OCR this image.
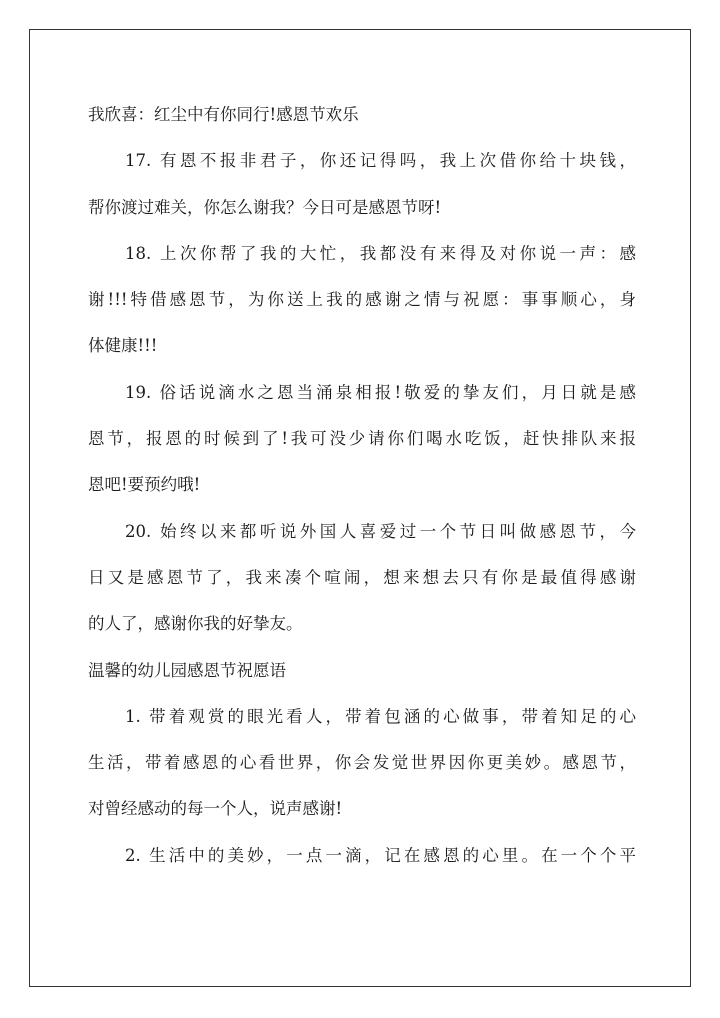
我欣喜：红尘中有你同行!感恩节欢乐
17. 有恩不报非君子，你还记得吗，我上次借你给十块钱，
帮你渡过难关，你怎么谢我？今日可是感恩节呀!
18. 上次你帮了我的大忙，我都没有来得及对你说一声：感
谢!!!特借感恩节，为你送上我的感谢之情与祝愿：事事顺心，身
体健康!!!
19. 俗话说滴水之恩当涌泉相报!敬爱的挚友们，月日就是感
恩节，报恩的时候到了!我可没少请你们喝水吃饭，赶快排队来报
恩吧!要预约哦!
20. 始终以来都听说外国人喜爱过一个节日叫做感恩节，今
日又是感恩节了，我来凑个喧闹，想来想去只有你是最值得感谢
的人了，感谢你我的好挚友。
温馨的幼儿园感恩节祝愿语
1. 带着观赏的眼光看人，带着包涵的心做事，带着知足的心
生活，带着感恩的心看世界，你会发觉世界因你更美妙。感恩节，
对曾经感动的每一个人，说声感谢!
2. 生活中的美妙，一点一滴，记在感恩的心里。在一个个平
